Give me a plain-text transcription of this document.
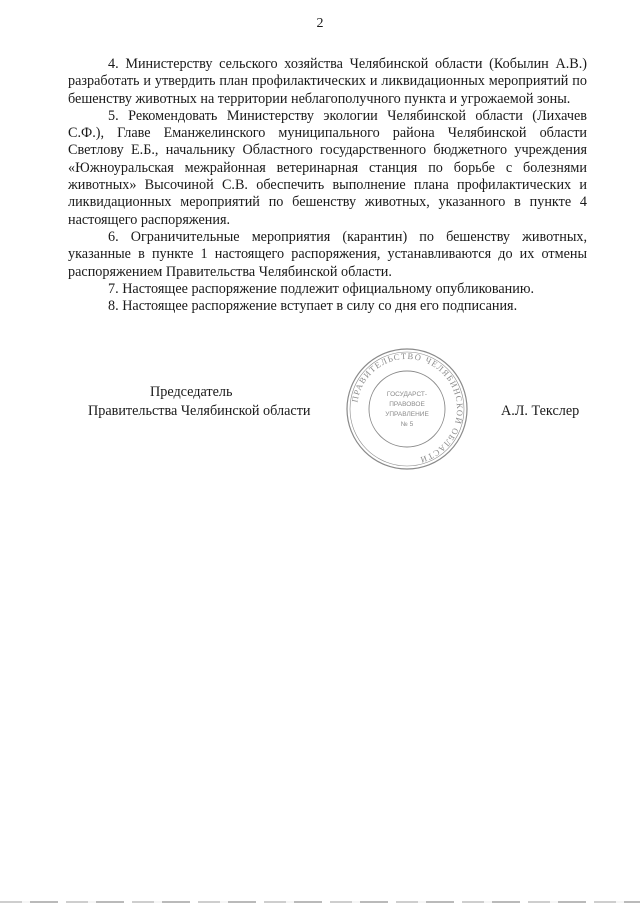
2

4. Министерству сельского хозяйства Челябинской области (Кобылин А.В.) разработать и утвердить план профилактических и ликвидационных мероприятий по бешенству животных на территории неблагополучного пункта и угрожаемой зоны.

5. Рекомендовать Министерству экологии Челябинской области (Лихачев С.Ф.), Главе Еманжелинского муниципального района Челябинской области Светлову Е.Б., начальнику Областного государственного бюджетного учреждения «Южноуральская межрайонная ветеринарная станция по борьбе с болезнями животных» Высочиной С.В. обеспечить выполнение плана профилактических и ликвидационных мероприятий по бешенству животных, указанного в пункте 4 настоящего распоряжения.

6. Ограничительные мероприятия (карантин) по бешенству животных, указанные в пункте 1 настоящего распоряжения, устанавливаются до их отмены распоряжением Правительства Челябинской области.

7. Настоящее распоряжение подлежит официальному опубликованию.

8. Настоящее распоряжение вступает в силу со дня его подписания.

Председатель
Правительства Челябинской области	А.Л. Текслер
ПРАВИТЕЛЬСТВО ЧЕЛЯБИНСКОЙ ОБЛАСТИ
ГОСУДАРСТ-
ПРАВОВОЕ
УПРАВЛЕНИЕ
№ 5
